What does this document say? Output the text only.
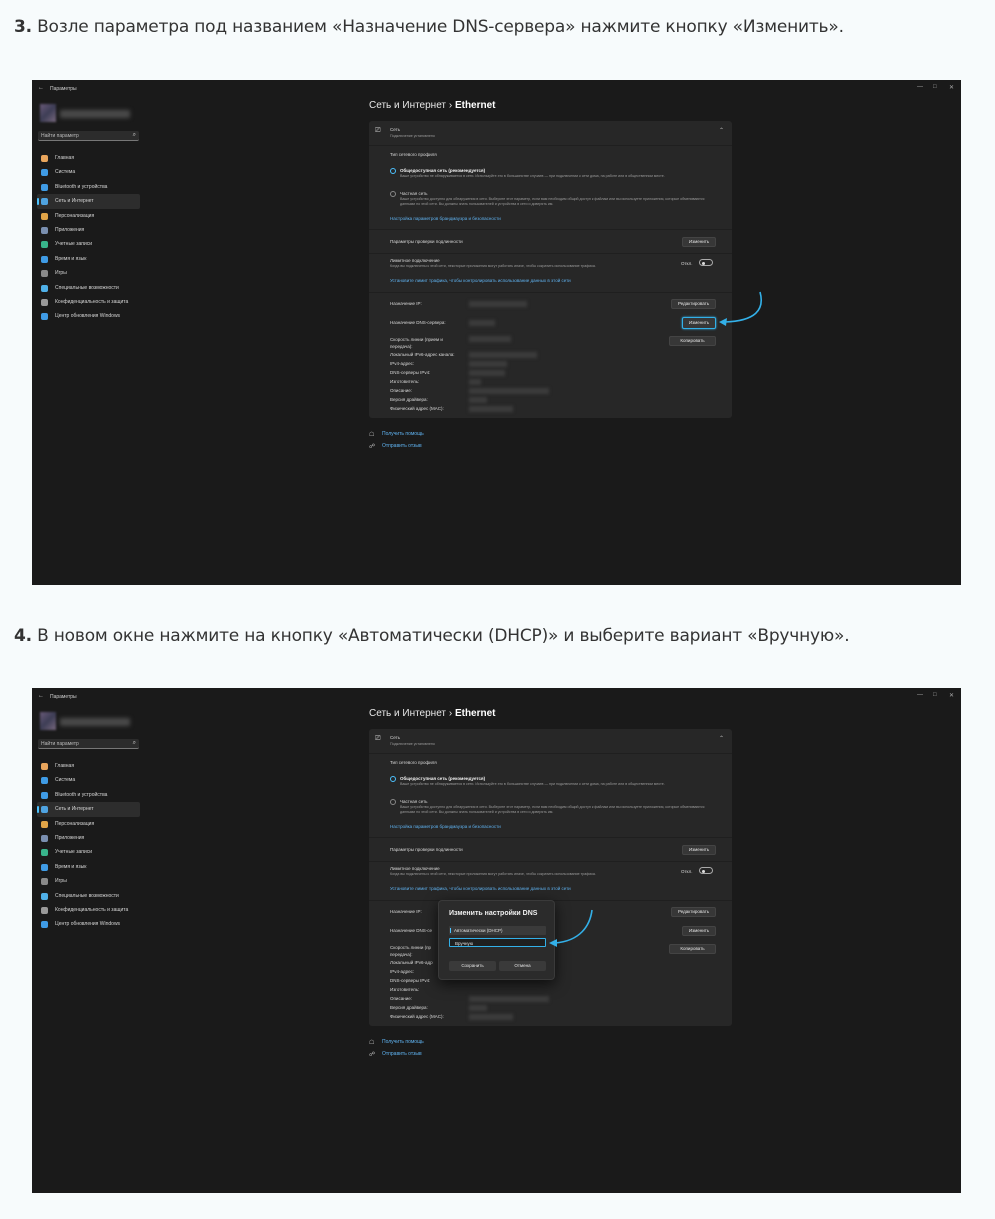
3. Возле параметра под названием «Назначение DNS-сервера» нажмите кнопку «Изменить».
4. В новом окне нажмите на кнопку «Автоматически (DHCP)» и выберите вариант «Вручную».
← Параметры	— □ ✕
Найти параметр	⌕
Главная
Система
Bluetooth и устройства
Сеть и Интернет
Персонализация
Приложения
Учетные записи
Время и язык
Игры
Специальные возможности
Конфиденциальность и защита
Центр обновления Windows
Сеть и Интернет › Ethernet
⎚ Сеть
Подключение установлено
⌃
Тип сетевого профиля
Общедоступная сеть (рекомендуется)
Ваше устройство не обнаруживается в сети. Используйте это в большинстве случаев — при подключении к сети дома, на работе или в общественном месте.
Частная сеть
Ваше устройство доступно для обнаружения в сети. Выберите этот параметр, если вам необходим общий доступ к файлам или вы используете приложения, которые обмениваются данными по этой сети. Вы должны знать пользователей и устройства в сети и доверять им.
Настройка параметров брандмауэра и безопасности
Параметры проверки подлинности	Изменить
Лимитное подключение
Когда вы подключены к этой сети, некоторые приложения могут работать иначе, чтобы сократить использование трафика.	Откл.
Установите лимит трафика, чтобы контролировать использование данных в этой сети
Назначение IP:	Редактировать
Назначение DNS-сервера:	Изменить
Скорость линии (прием и передача):
Копировать
Локальный IPv6-адрес канала:
IPv4-адрес:
DNS-серверы IPv4:
Изготовитель:
Описание:
Версия драйвера:
Физический адрес (MAC):
☖ Получить помощь
☍ Отправить отзыв
← Параметры	— □ ✕
Найти параметр	⌕
Главная
Система
Bluetooth и устройства
Сеть и Интернет
Персонализация
Приложения
Учетные записи
Время и язык
Игры
Специальные возможности
Конфиденциальность и защита
Центр обновления Windows
Сеть и Интернет › Ethernet
⎚ Сеть
Подключение установлено
⌃
Тип сетевого профиля
Общедоступная сеть (рекомендуется)
Ваше устройство не обнаруживается в сети. Используйте это в большинстве случаев — при подключении к сети дома, на работе или в общественном месте.
Частная сеть
Ваше устройство доступно для обнаружения в сети. Выберите этот параметр, если вам необходим общий доступ к файлам или вы используете приложения, которые обмениваются данными по этой сети. Вы должны знать пользователей и устройства в сети и доверять им.
Настройка параметров брандмауэра и безопасности
Параметры проверки подлинности	Изменить
Лимитное подключение
Когда вы подключены к этой сети, некоторые приложения могут работать иначе, чтобы сократить использование трафика.	Откл.
Установите лимит трафика, чтобы контролировать использование данных в этой сети
Назначение IP:	Редактировать
Назначение DNS-се	Изменить
Скорость линии (пр передача):
Копировать
Локальный IPv6-адр
IPv4-адрес:
DNS-серверы IPv4:
Изготовитель:
Описание:
Версия драйвера:
Физический адрес (MAC):
☖ Получить помощь
☍ Отправить отзыв
Изменить настройки DNS
Автоматически (DHCP)
Вручную
Сохранить	Отмена
